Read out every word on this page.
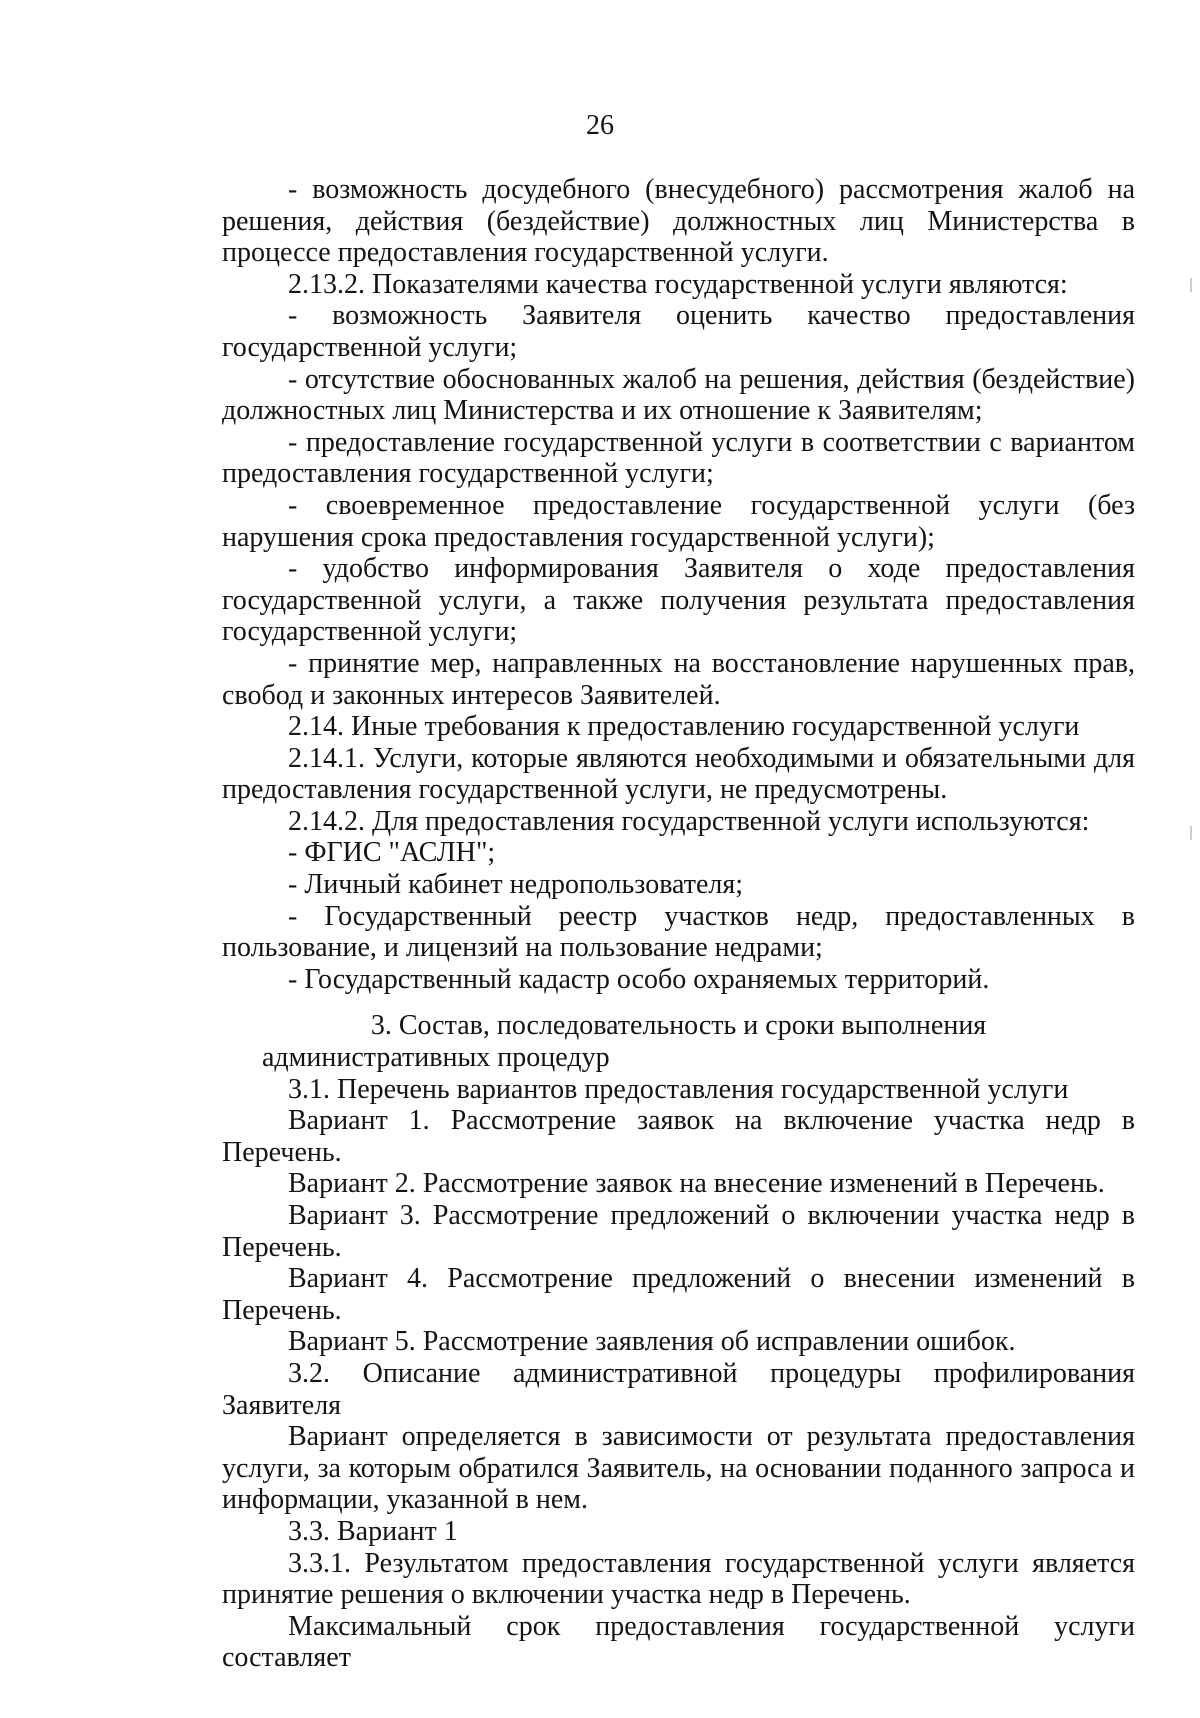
26

- возможность досудебного (внесудебного) рассмотрения жалоб на решения, действия (бездействие) должностных лиц Министерства в процессе предоставления государственной услуги.

2.13.2. Показателями качества государственной услуги являются:

- возможность Заявителя оценить качество предоставления государственной услуги;

- отсутствие обоснованных жалоб на решения, действия (бездействие) должностных лиц Министерства и их отношение к Заявителям;

- предоставление государственной услуги в соответствии с вариантом предоставления государственной услуги;

- своевременное предоставление государственной услуги (без нарушения срока предоставления государственной услуги);

- удобство информирования Заявителя о ходе предоставления государственной услуги, а также получения результата предоставления государственной услуги;

- принятие мер, направленных на восстановление нарушенных прав, свобод и законных интересов Заявителей.

2.14. Иные требования к предоставлению государственной услуги

2.14.1. Услуги, которые являются необходимыми и обязательными для предоставления государственной услуги, не предусмотрены.

2.14.2. Для предоставления государственной услуги используются:

- ФГИС "АСЛН";

- Личный кабинет недропользователя;

- Государственный реестр участков недр, предоставленных в пользование, и лицензий на пользование недрами;

- Государственный кадастр особо охраняемых территорий.

3. Состав, последовательность и сроки выполнения административных процедур

3.1. Перечень вариантов предоставления государственной услуги

Вариант 1. Рассмотрение заявок на включение участка недр в Перечень.

Вариант 2. Рассмотрение заявок на внесение изменений в Перечень.

Вариант 3. Рассмотрение предложений о включении участка недр в Перечень.

Вариант 4. Рассмотрение предложений о внесении изменений в Перечень.

Вариант 5. Рассмотрение заявления об исправлении ошибок.

3.2. Описание административной процедуры профилирования Заявителя

Вариант определяется в зависимости от результата предоставления услуги, за которым обратился Заявитель, на основании поданного запроса и информации, указанной в нем.

3.3. Вариант 1

3.3.1. Результатом предоставления государственной услуги является принятие решения о включении участка недр в Перечень.

Максимальный срок предоставления государственной услуги составляет
